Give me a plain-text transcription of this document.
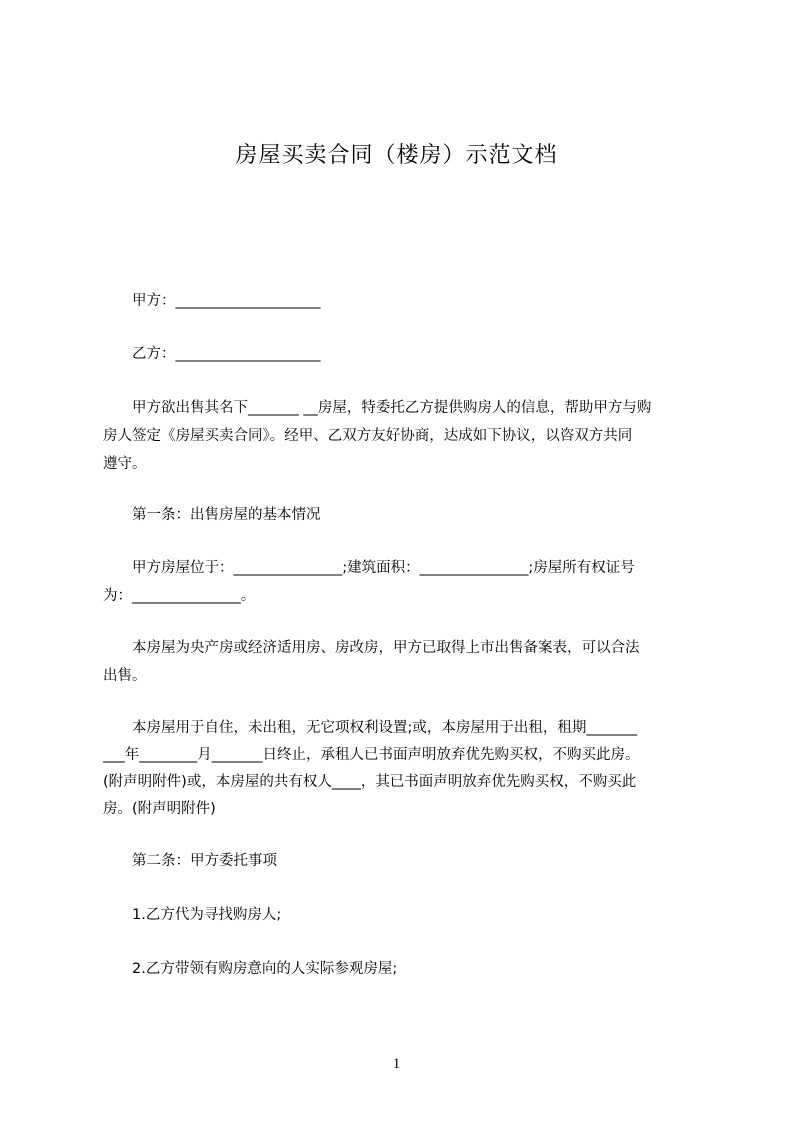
房屋买卖合同（楼房）示范文档
　　甲方：____________________
　　乙方：____________________
　　甲方欲出售其名下_______ __房屋，特委托乙方提供购房人的信息，帮助甲方与购
房人签定《房屋买卖合同》。经甲、乙双方友好协商，达成如下协议，以咨双方共同
遵守。
　　第一条：出售房屋的基本情况
　　甲方房屋位于：_______________;建筑面积：_______________;房屋所有权证号
为：_______________。
　　本房屋为央产房或经济适用房、房改房，甲方已取得上市出售备案表，可以合法
出售。
　　本房屋用于自住，未出租，无它项权利设置;或，本房屋用于出租，租期_______
___年________月_______日终止，承租人已书面声明放弃优先购买权，不购买此房。
(附声明附件)或，本房屋的共有权人____，其已书面声明放弃优先购买权，不购买此
房。(附声明附件)
　　第二条：甲方委托事项
　　1.乙方代为寻找购房人;
　　2.乙方带领有购房意向的人实际参观房屋;
1
